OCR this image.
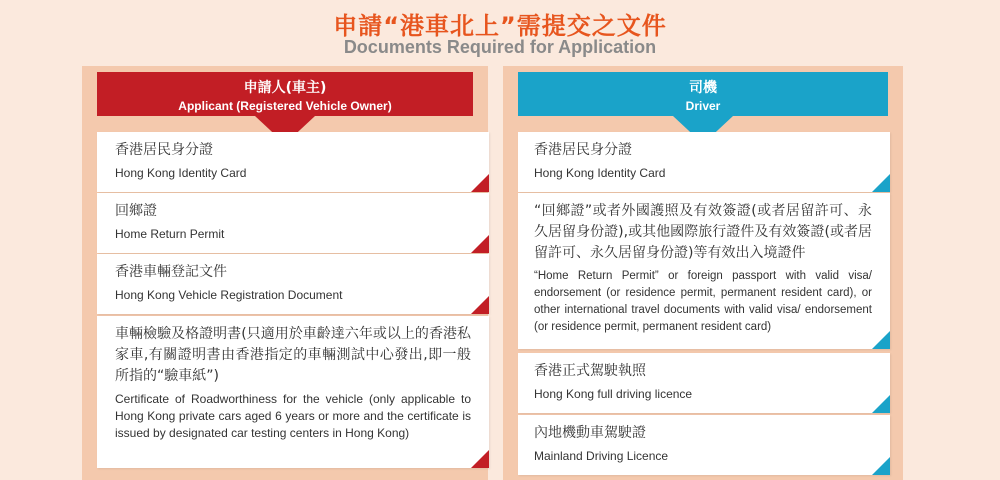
申請“港車北上”需提交之文件
Documents Required for Application
申請人(車主)
Applicant (Registered Vehicle Owner)
香港居民身分證
Hong Kong Identity Card
回鄉證
Home Return Permit
香港車輛登記文件
Hong Kong Vehicle Registration Document
車輛檢驗及格證明書(只適用於車齡達六年或以上的香港私家車,有關證明書由香港指定的車輛測試中心發出,即一般所指的“驗車紙”)
Certificate of Roadworthiness for the vehicle (only applicable to Hong Kong private cars aged 6 years or more and the certificate is issued by designated car testing centers in Hong Kong)
司機
Driver
香港居民身分證
Hong Kong Identity Card
“回鄉證”或者外國護照及有效簽證(或者居留許可、永久居留身份證),或其他國際旅行證件及有效簽證(或者居留許可、永久居留身份證)等有效出入境證件
“Home Return Permit” or foreign passport with valid visa/ endorsement (or residence permit, permanent resident card), or other international travel documents with valid visa/ endorsement (or residence permit, permanent resident card)
香港正式駕駛執照
Hong Kong full driving licence
內地機動車駕駛證
Mainland Driving Licence
